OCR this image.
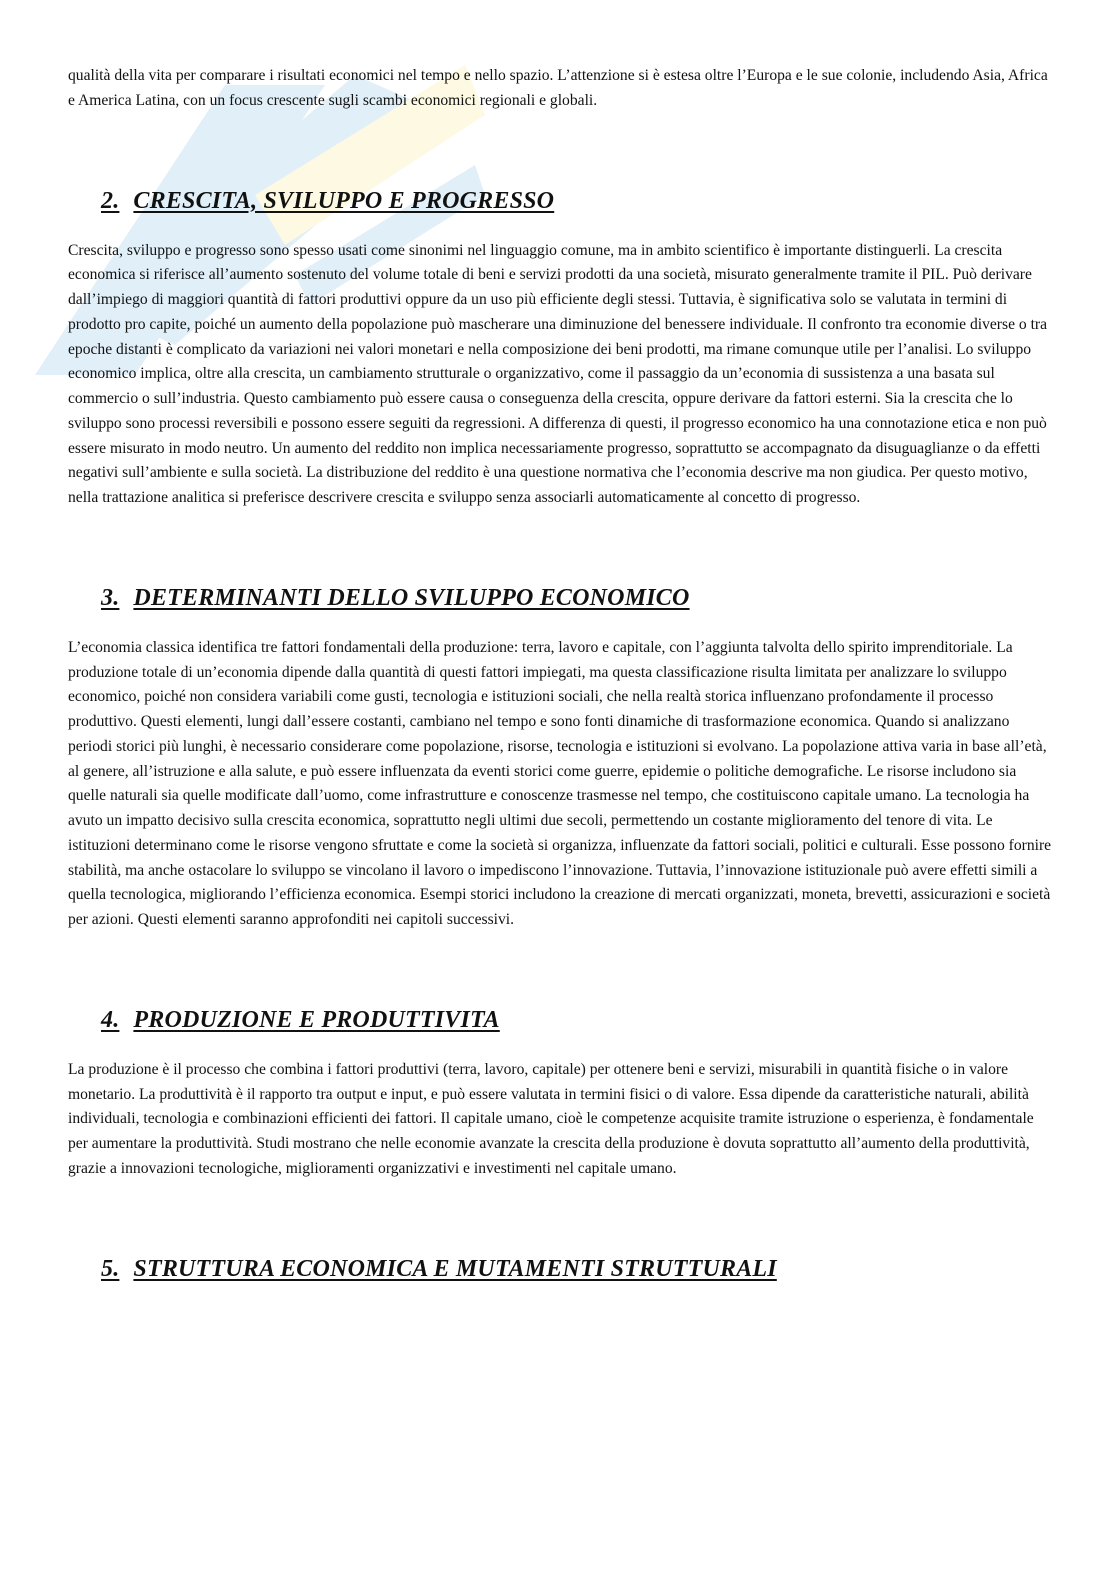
qualità della vita per comparare i risultati economici nel tempo e nello spazio. L’attenzione si è estesa oltre l’Europa e le sue colonie, includendo Asia, Africa e America Latina, con un focus crescente sugli scambi economici regionali e globali.

2. CRESCITA, SVILUPPO E PROGRESSO

Crescita, sviluppo e progresso sono spesso usati come sinonimi nel linguaggio comune, ma in ambito scientifico è importante distinguerli. La crescita economica si riferisce all’aumento sostenuto del volume totale di beni e servizi prodotti da una società, misurato generalmente tramite il PIL. Può derivare dall’impiego di maggiori quantità di fattori produttivi oppure da un uso più efficiente degli stessi. Tuttavia, è significativa solo se valutata in termini di prodotto pro capite, poiché un aumento della popolazione può mascherare una diminuzione del benessere individuale. Il confronto tra economie diverse o tra epoche distanti è complicato da variazioni nei valori monetari e nella composizione dei beni prodotti, ma rimane comunque utile per l’analisi. Lo sviluppo economico implica, oltre alla crescita, un cambiamento strutturale o organizzativo, come il passaggio da un’economia di sussistenza a una basata sul commercio o sull’industria. Questo cambiamento può essere causa o conseguenza della crescita, oppure derivare da fattori esterni. Sia la crescita che lo sviluppo sono processi reversibili e possono essere seguiti da regressioni. A differenza di questi, il progresso economico ha una connotazione etica e non può essere misurato in modo neutro. Un aumento del reddito non implica necessariamente progresso, soprattutto se accompagnato da disuguaglianze o da effetti negativi sull’ambiente e sulla società. La distribuzione del reddito è una questione normativa che l’economia descrive ma non giudica. Per questo motivo, nella trattazione analitica si preferisce descrivere crescita e sviluppo senza associarli automaticamente al concetto di progresso.

3. DETERMINANTI DELLO SVILUPPO ECONOMICO

L’economia classica identifica tre fattori fondamentali della produzione: terra, lavoro e capitale, con l’aggiunta talvolta dello spirito imprenditoriale. La produzione totale di un’economia dipende dalla quantità di questi fattori impiegati, ma questa classificazione risulta limitata per analizzare lo sviluppo economico, poiché non considera variabili come gusti, tecnologia e istituzioni sociali, che nella realtà storica influenzano profondamente il processo produttivo. Questi elementi, lungi dall’essere costanti, cambiano nel tempo e sono fonti dinamiche di trasformazione economica. Quando si analizzano periodi storici più lunghi, è necessario considerare come popolazione, risorse, tecnologia e istituzioni si evolvano. La popolazione attiva varia in base all’età, al genere, all’istruzione e alla salute, e può essere influenzata da eventi storici come guerre, epidemie o politiche demografiche. Le risorse includono sia quelle naturali sia quelle modificate dall’uomo, come infrastrutture e conoscenze trasmesse nel tempo, che costituiscono capitale umano. La tecnologia ha avuto un impatto decisivo sulla crescita economica, soprattutto negli ultimi due secoli, permettendo un costante miglioramento del tenore di vita. Le istituzioni determinano come le risorse vengono sfruttate e come la società si organizza, influenzate da fattori sociali, politici e culturali. Esse possono fornire stabilità, ma anche ostacolare lo sviluppo se vincolano il lavoro o impediscono l’innovazione. Tuttavia, l’innovazione istituzionale può avere effetti simili a quella tecnologica, migliorando l’efficienza economica. Esempi storici includono la creazione di mercati organizzati, moneta, brevetti, assicurazioni e società per azioni. Questi elementi saranno approfonditi nei capitoli successivi.

4. PRODUZIONE E PRODUTTIVITA

La produzione è il processo che combina i fattori produttivi (terra, lavoro, capitale) per ottenere beni e servizi, misurabili in quantità fisiche o in valore monetario. La produttività è il rapporto tra output e input, e può essere valutata in termini fisici o di valore. Essa dipende da caratteristiche naturali, abilità individuali, tecnologia e combinazioni efficienti dei fattori. Il capitale umano, cioè le competenze acquisite tramite istruzione o esperienza, è fondamentale per aumentare la produttività. Studi mostrano che nelle economie avanzate la crescita della produzione è dovuta soprattutto all’aumento della produttività, grazie a innovazioni tecnologiche, miglioramenti organizzativi e investimenti nel capitale umano.

5. STRUTTURA ECONOMICA E MUTAMENTI STRUTTURALI
